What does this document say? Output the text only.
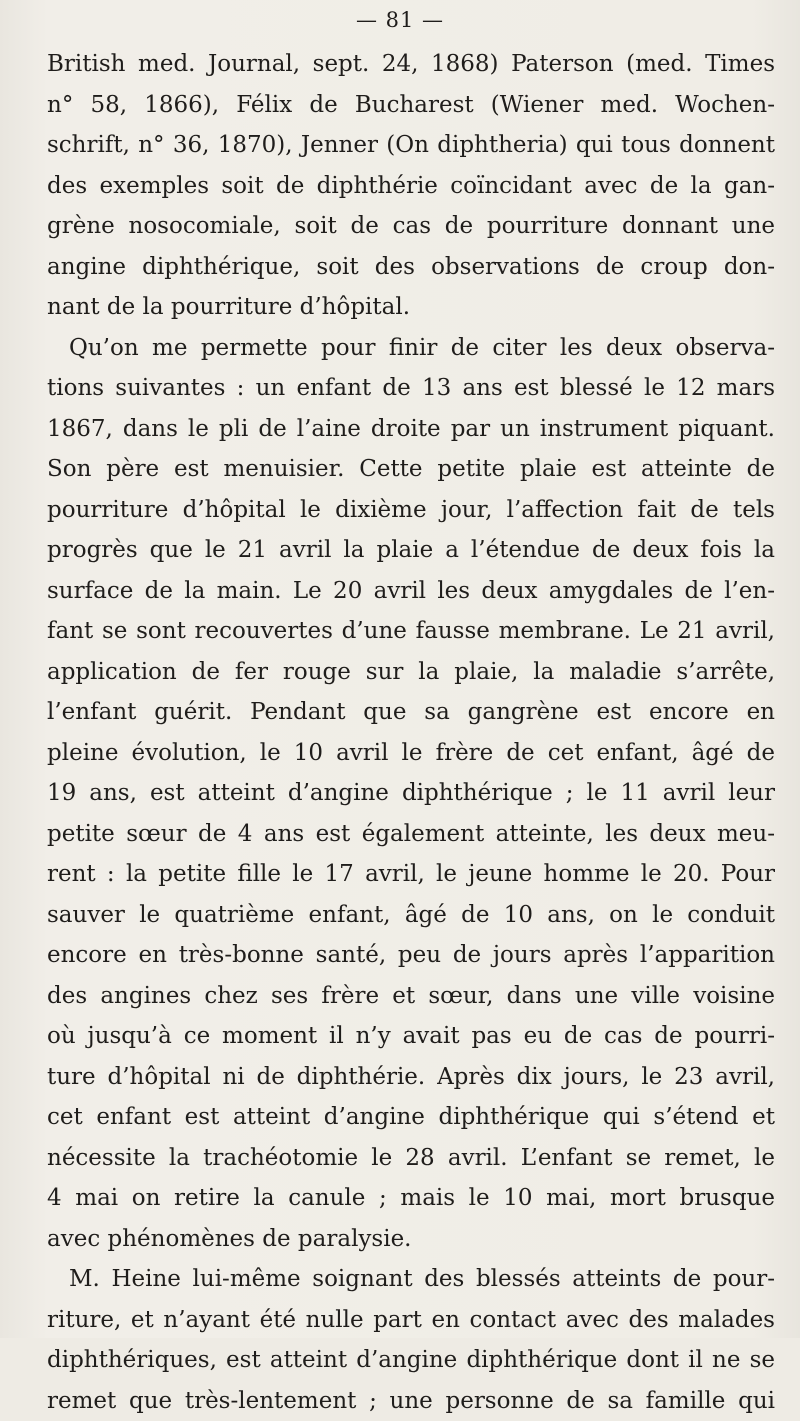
— 81 —
British med. Journal, sept. 24, 1868) Paterson (med. Times
n° 58, 1866), Félix de Bucharest (Wiener med. Wochen-
schrift, n° 36, 1870), Jenner (On diphtheria) qui tous donnent
des exemples soit de diphthérie coïncidant avec de la gan-
grène nosocomiale, soit de cas de pourriture donnant une
angine diphthérique, soit des observations de croup don-
nant de la pourriture d’hôpital.
Qu’on me permette pour finir de citer les deux observa-
tions suivantes : un enfant de 13 ans est blessé le 12 mars
1867, dans le pli de l’aine droite par un instrument piquant.
Son père est menuisier. Cette petite plaie est atteinte de
pourriture d’hôpital le dixième jour, l’affection fait de tels
progrès que le 21 avril la plaie a l’étendue de deux fois la
surface de la main. Le 20 avril les deux amygdales de l’en-
fant se sont recouvertes d’une fausse membrane. Le 21 avril,
application de fer rouge sur la plaie, la maladie s’arrête,
l’enfant guérit. Pendant que sa gangrène est encore en
pleine évolution, le 10 avril le frère de cet enfant, âgé de
19 ans, est atteint d’angine diphthérique ; le 11 avril leur
petite sœur de 4 ans est également atteinte, les deux meu-
rent : la petite fille le 17 avril, le jeune homme le 20. Pour
sauver le quatrième enfant, âgé de 10 ans, on le conduit
encore en très-bonne santé, peu de jours après l’apparition
des angines chez ses frère et sœur, dans une ville voisine
où jusqu’à ce moment il n’y avait pas eu de cas de pourri-
ture d’hôpital ni de diphthérie. Après dix jours, le 23 avril,
cet enfant est atteint d’angine diphthérique qui s’étend et
nécessite la trachéotomie le 28 avril. L’enfant se remet, le
4 mai on retire la canule ; mais le 10 mai, mort brusque
avec phénomènes de paralysie.
M. Heine lui-même soignant des blessés atteints de pour-
riture, et n’ayant été nulle part en contact avec des malades
diphthériques, est atteint d’angine diphthérique dont il ne se
remet que très-lentement ; une personne de sa famille qui
